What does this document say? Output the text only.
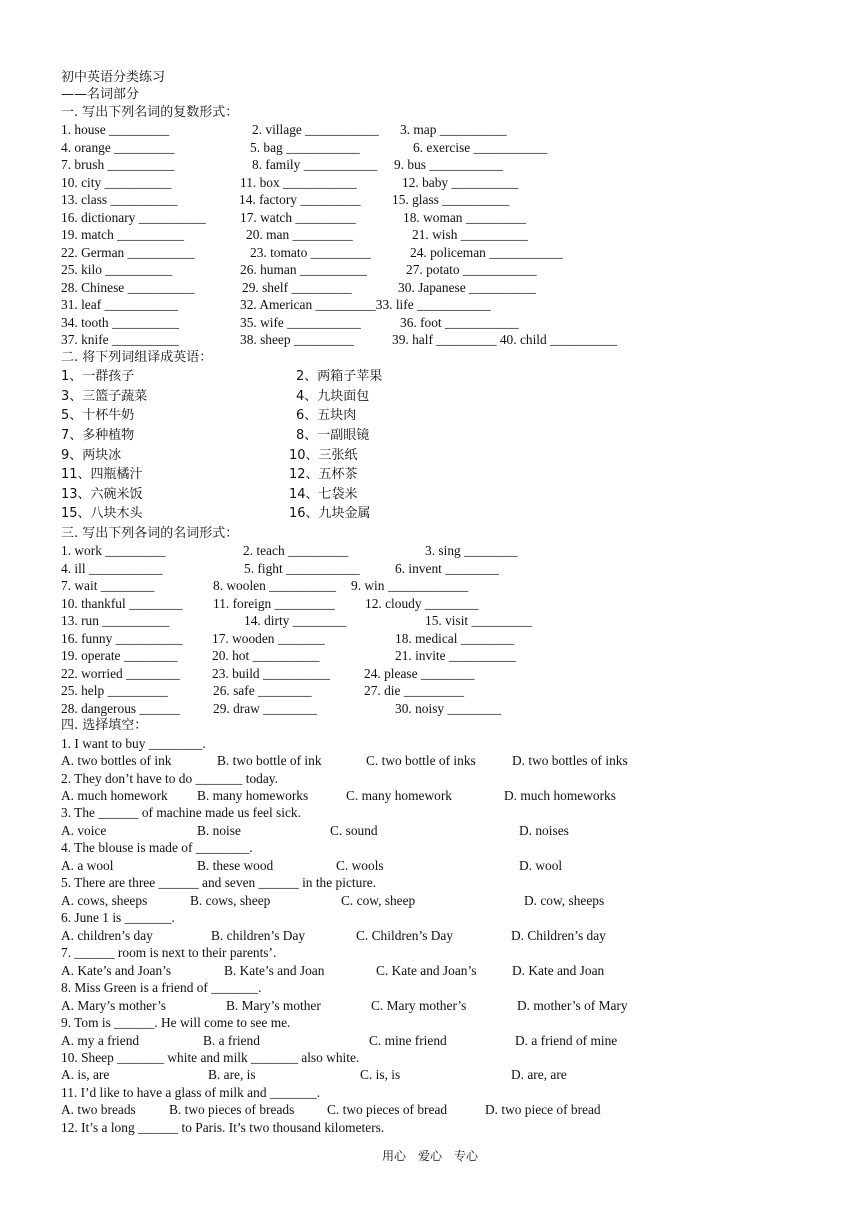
初中英语分类练习
——名词部分
一. 写出下列名词的复数形式：
1. house _________	2. village ___________ 3. map __________
4. orange _________	5. bag ___________	6. exercise ___________
7. brush __________	8. family ___________ 9. bus ___________
10. city __________	11. box ___________	12. baby __________
13. class __________	14. factory _________ 15. glass __________
16. dictionary __________	17. watch _________	18. woman _________
19. match __________	20. man _________	21. wish __________
22. German __________	23. tomato _________	24. policeman ___________
25. kilo __________	26. human __________	27. potato ___________
28. Chinese __________	29. shelf _________	30. Japanese __________
31. leaf ___________	32. American _________33. life ___________
34. tooth __________	35. wife ___________	36. foot ___________
37. knife __________	38. sheep _________	39. half _________ 40. child __________
二. 将下列词组译成英语：
1、一群孩子	2、两箱子苹果
3、三篮子蔬菜	4、九块面包
5、十杯牛奶	6、五块肉
7、多种植物	8、一副眼镜
9、两块冰	10、三张纸
11、四瓶橘汁	12、五杯茶
13、六碗米饭	14、七袋米
15、八块木头	16、九块金属
三. 写出下列各词的名词形式：
1. work _________	2. teach _________	3. sing ________
4. ill ___________	5. fight ___________	6. invent ________
7. wait ________	8. woolen __________ 9. win ____________
10. thankful ________ 11. foreign _________ 12. cloudy ________
13. run __________	14. dirty ________	15. visit _________
16. funny __________ 17. wooden _______	18. medical ________
19. operate ________	20. hot __________	21. invite __________
22. worried ________ 23. build __________	24. please ________
25. help _________	26. safe ________	27. die _________
28. dangerous ______ 29. draw ________	30. noisy ________
四. 选择填空：
1. I want to buy ________.
A. two bottles of ink	B. two bottle of ink	C. two bottle of inks	D. two bottles of inks
2. They don’t have to do _______ today.
A. much homework B. many homeworks	C. many homework	D. much homeworks
3. The ______ of machine made us feel sick.
A. voice	B. noise	C. sound	D. noises
4. The blouse is made of ________.
A. a wool	B. these wood	C. wools	D. wool
5. There are three ______ and seven ______ in the picture.
A. cows, sheeps	B. cows, sheep	C. cow, sheep	D. cow, sheeps
6. June 1 is _______.
A. children’s day	B. children’s Day	C. Children’s Day	D. Children’s day
7. ______ room is next to their parents’.
A. Kate’s and Joan’s	B. Kate’s and Joan	C. Kate and Joan’s	D. Kate and Joan
8. Miss Green is a friend of _______.
A. Mary’s mother’s	B. Mary’s mother	C. Mary mother’s	D. mother’s of Mary
9. Tom is ______. He will come to see me.
A. my a friend	B. a friend	C. mine friend	D. a friend of mine
10. Sheep _______ white and milk _______ also white.
A. is, are	B. are, is	C. is, is	D. are, are
11. I’d like to have a glass of milk and _______.
A. two breads B. two pieces of breads C. two pieces of bread	D. two piece of bread
12. It’s a long ______ to Paris. It’s two thousand kilometers.
用心　爱心　专心
